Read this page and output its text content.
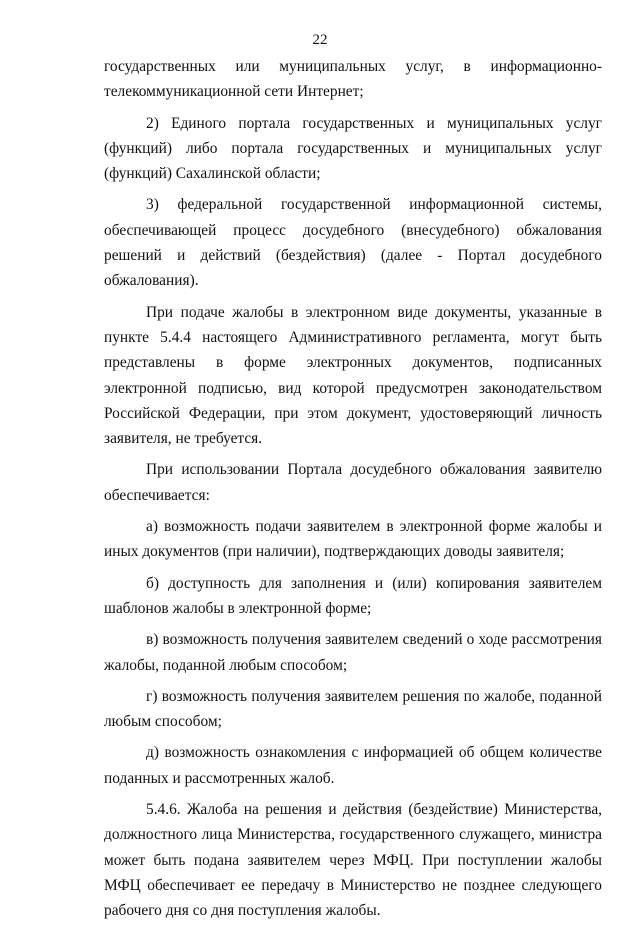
22

государственных или муниципальных услуг, в информационно-телекоммуникационной сети Интернет;

2) Единого портала государственных и муниципальных услуг (функций) либо портала государственных и муниципальных услуг (функций) Сахалинской области;

3) федеральной государственной информационной системы, обеспечивающей процесс досудебного (внесудебного) обжалования решений и действий (бездействия) (далее - Портал досудебного обжалования).

При подаче жалобы в электронном виде документы, указанные в пункте 5.4.4 настоящего Административного регламента, могут быть представлены в форме электронных документов, подписанных электронной подписью, вид которой предусмотрен законодательством Российской Федерации, при этом документ, удостоверяющий личность заявителя, не требуется.

При использовании Портала досудебного обжалования заявителю обеспечивается:

а) возможность подачи заявителем в электронной форме жалобы и иных документов (при наличии), подтверждающих доводы заявителя;

б) доступность для заполнения и (или) копирования заявителем шаблонов жалобы в электронной форме;

в) возможность получения заявителем сведений о ходе рассмотрения жалобы, поданной любым способом;

г) возможность получения заявителем решения по жалобе, поданной любым способом;

д) возможность ознакомления с информацией об общем количестве поданных и рассмотренных жалоб.

5.4.6. Жалоба на решения и действия (бездействие) Министерства, должностного лица Министерства, государственного служащего, министра может быть подана заявителем через МФЦ. При поступлении жалобы МФЦ обеспечивает ее передачу в Министерство не позднее следующего рабочего дня со дня поступления жалобы.
